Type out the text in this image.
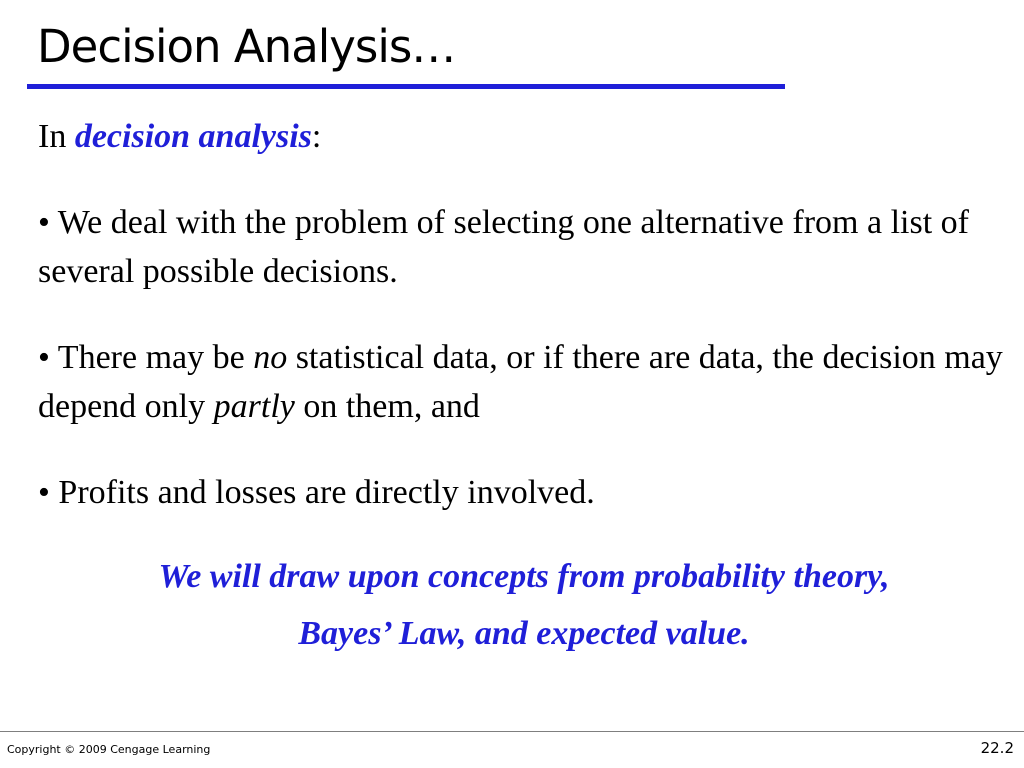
Decision Analysis…

In decision analysis:

• We deal with the problem of selecting one alternative from a list of several possible decisions.

• There may be no statistical data, or if there are data, the decision may depend only partly on them, and

• Profits and losses are directly involved.

We will draw upon concepts from probability theory,
Bayes’ Law, and expected value.
Copyright © 2009 Cengage Learning	22.2
